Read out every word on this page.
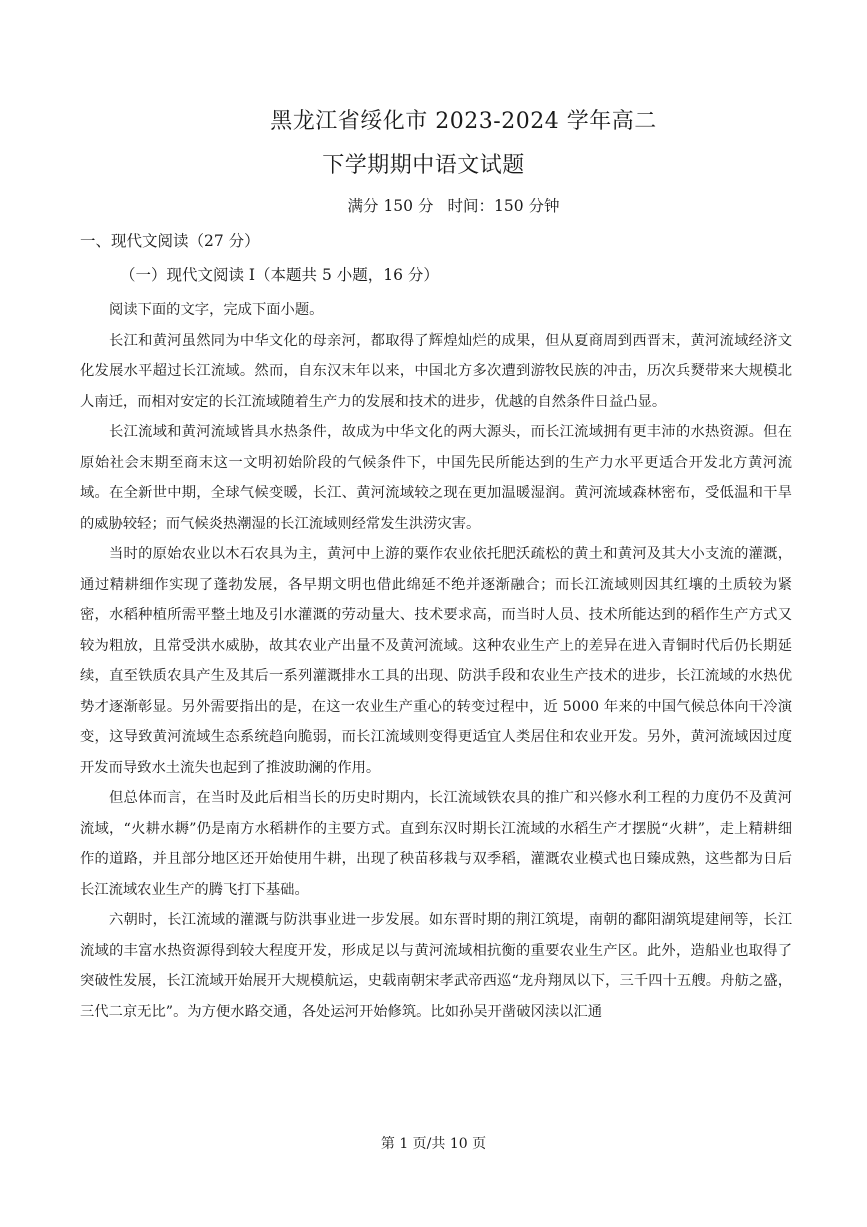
黑龙江省绥化市 2023-2024 学年高二
下学期期中语文试题
满分 150 分 时间：150 分钟
一、现代文阅读（27 分）
（一）现代文阅读 I（本题共 5 小题，16 分）

阅读下面的文字，完成下面小题。

长江和黄河虽然同为中华文化的母亲河，都取得了辉煌灿烂的成果，但从夏商周到西晋末，黄河流域经济文化发展水平超过长江流域。然而，自东汉末年以来，中国北方多次遭到游牧民族的冲击，历次兵燹带来大规模北人南迁，而相对安定的长江流域随着生产力的发展和技术的进步，优越的自然条件日益凸显。

长江流域和黄河流域皆具水热条件，故成为中华文化的两大源头，而长江流域拥有更丰沛的水热资源。但在原始社会末期至商末这一文明初始阶段的气候条件下，中国先民所能达到的生产力水平更适合开发北方黄河流域。在全新世中期，全球气候变暖，长江、黄河流域较之现在更加温暖湿润。黄河流域森林密布，受低温和干旱的威胁较轻；而气候炎热潮湿的长江流域则经常发生洪涝灾害。

当时的原始农业以木石农具为主，黄河中上游的粟作农业依托肥沃疏松的黄土和黄河及其大小支流的灌溉，通过精耕细作实现了蓬勃发展，各早期文明也借此绵延不绝并逐渐融合；而长江流域则因其红壤的土质较为紧密，水稻种植所需平整土地及引水灌溉的劳动量大、技术要求高，而当时人员、技术所能达到的稻作生产方式又较为粗放，且常受洪水威胁，故其农业产出量不及黄河流域。这种农业生产上的差异在进入青铜时代后仍长期延续，直至铁质农具产生及其后一系列灌溉排水工具的出现、防洪手段和农业生产技术的进步，长江流域的水热优势才逐渐彰显。另外需要指出的是，在这一农业生产重心的转变过程中，近 5000 年来的中国气候总体向干冷演变，这导致黄河流域生态系统趋向脆弱，而长江流域则变得更适宜人类居住和农业开发。另外，黄河流域因过度开发而导致水土流失也起到了推波助澜的作用。

但总体而言，在当时及此后相当长的历史时期内，长江流域铁农具的推广和兴修水利工程的力度仍不及黄河流域，“火耕水耨”仍是南方水稻耕作的主要方式。直到东汉时期长江流域的水稻生产才摆脱“火耕”，走上精耕细作的道路，并且部分地区还开始使用牛耕，出现了秧苗移栽与双季稻，灌溉农业模式也日臻成熟，这些都为日后长江流域农业生产的腾飞打下基础。

六朝时，长江流域的灌溉与防洪事业进一步发展。如东晋时期的荆江筑堤，南朝的鄱阳湖筑堤建闸等，长江流域的丰富水热资源得到较大程度开发，形成足以与黄河流域相抗衡的重要农业生产区。此外，造船业也取得了突破性发展，长江流域开始展开大规模航运，史载南朝宋孝武帝西巡“龙舟翔凤以下，三千四十五艘。舟舫之盛，三代二京无比”。为方便水路交通，各处运河开始修筑。比如孙吴开凿破冈渎以汇通

第 1 页/共 10 页
